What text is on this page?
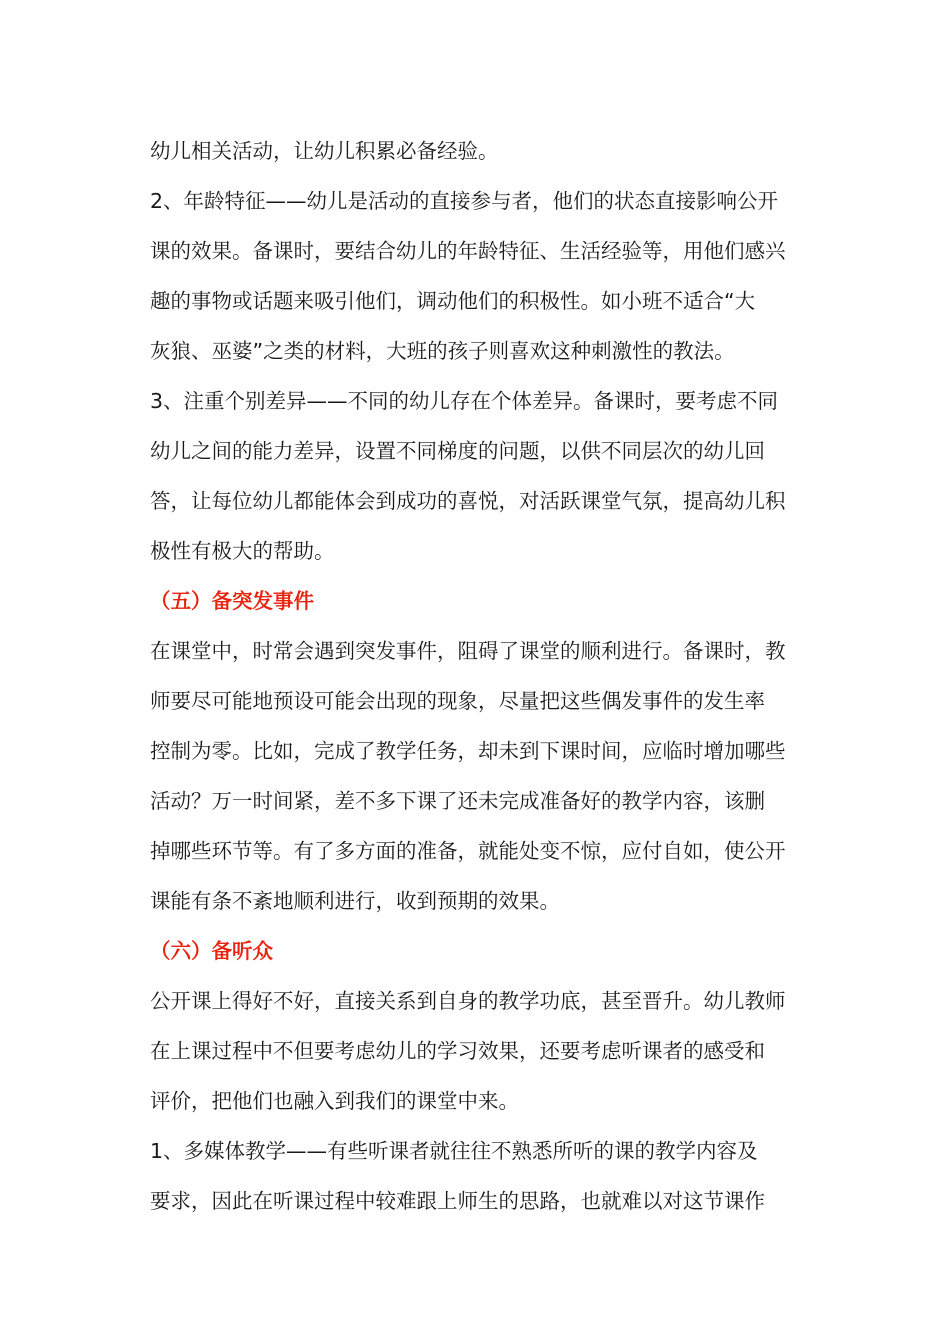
幼儿相关活动，让幼儿积累必备经验。
2、年龄特征——幼儿是活动的直接参与者，他们的状态直接影响公开
课的效果。备课时，要结合幼儿的年龄特征、生活经验等，用他们感兴
趣的事物或话题来吸引他们，调动他们的积极性。如小班不适合“大
灰狼、巫婆”之类的材料，大班的孩子则喜欢这种刺激性的教法。
3、注重个别差异——不同的幼儿存在个体差异。备课时，要考虑不同
幼儿之间的能力差异，设置不同梯度的问题，以供不同层次的幼儿回
答，让每位幼儿都能体会到成功的喜悦，对活跃课堂气氛，提高幼儿积
极性有极大的帮助。
（五）备突发事件
在课堂中，时常会遇到突发事件，阻碍了课堂的顺利进行。备课时，教
师要尽可能地预设可能会出现的现象，尽量把这些偶发事件的发生率
控制为零。比如，完成了教学任务，却未到下课时间，应临时增加哪些
活动？万一时间紧，差不多下课了还未完成准备好的教学内容，该删
掉哪些环节等。有了多方面的准备，就能处变不惊，应付自如，使公开
课能有条不紊地顺利进行，收到预期的效果。
（六）备听众
公开课上得好不好，直接关系到自身的教学功底，甚至晋升。幼儿教师
在上课过程中不但要考虑幼儿的学习效果，还要考虑听课者的感受和
评价，把他们也融入到我们的课堂中来。
1、多媒体教学——有些听课者就往往不熟悉所听的课的教学内容及
要求，因此在听课过程中较难跟上师生的思路，也就难以对这节课作
